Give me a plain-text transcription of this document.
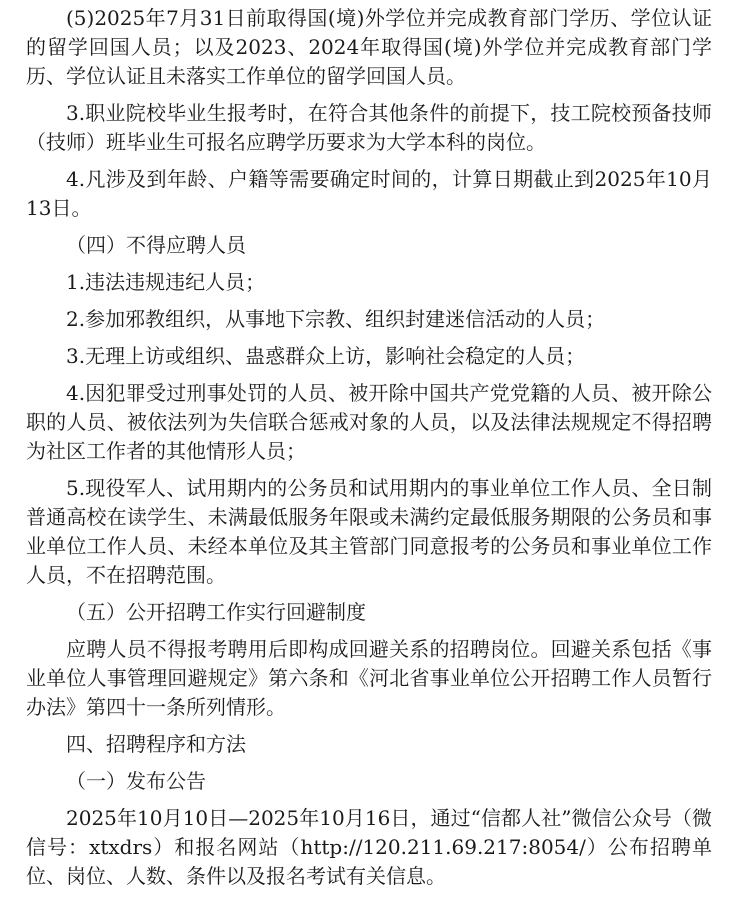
(5)2025年7月31日前取得国(境)外学位并完成教育部门学历、学位认证的留学回国人员；以及2023、2024年取得国(境)外学位并完成教育部门学历、学位认证且未落实工作单位的留学回国人员。

3.职业院校毕业生报考时，在符合其他条件的前提下，技工院校预备技师（技师）班毕业生可报名应聘学历要求为大学本科的岗位。

4.凡涉及到年龄、户籍等需要确定时间的，计算日期截止到2025年10月13日。

（四）不得应聘人员

1.违法违规违纪人员；

2.参加邪教组织，从事地下宗教、组织封建迷信活动的人员；

3.无理上访或组织、蛊惑群众上访，影响社会稳定的人员；

4.因犯罪受过刑事处罚的人员、被开除中国共产党党籍的人员、被开除公职的人员、被依法列为失信联合惩戒对象的人员，以及法律法规规定不得招聘为社区工作者的其他情形人员；

5.现役军人、试用期内的公务员和试用期内的事业单位工作人员、全日制普通高校在读学生、未满最低服务年限或未满约定最低服务期限的公务员和事业单位工作人员、未经本单位及其主管部门同意报考的公务员和事业单位工作人员，不在招聘范围。

（五）公开招聘工作实行回避制度

应聘人员不得报考聘用后即构成回避关系的招聘岗位。回避关系包括《事业单位人事管理回避规定》第六条和《河北省事业单位公开招聘工作人员暂行办法》第四十一条所列情形。

四、招聘程序和方法

（一）发布公告

2025年10月10日—2025年10月16日，通过“信都人社”微信公众号（微信号：xtxdrs）和报名网站（http://120.211.69.217:8054/）公布招聘单位、岗位、人数、条件以及报名考试有关信息。
